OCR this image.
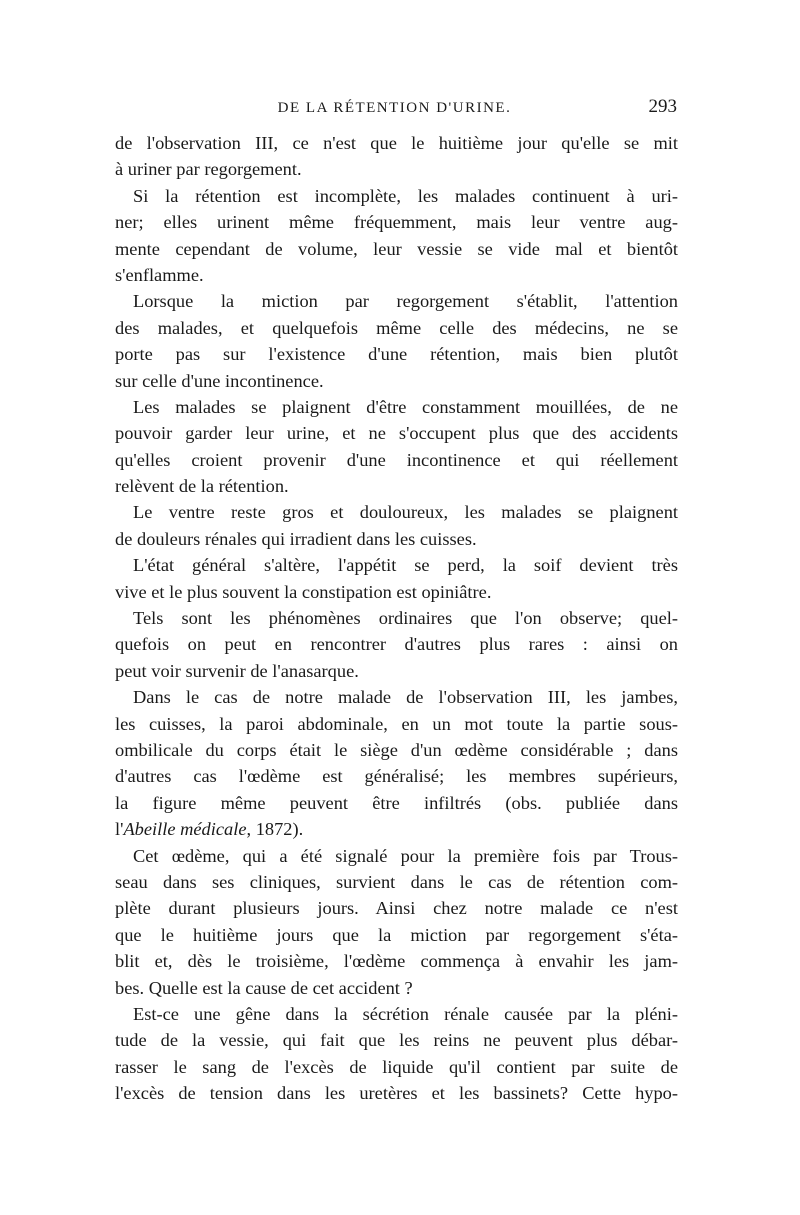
DE LA RÉTENTION D'URINE.	293
de l'observation III, ce n'est que le huitième jour qu'elle se mit
à uriner par regorgement.
Si la rétention est incomplète, les malades continuent à uri-
ner; elles urinent même fréquemment, mais leur ventre aug-
mente cependant de volume, leur vessie se vide mal et bientôt
s'enflamme.
Lorsque la miction par regorgement s'établit, l'attention
des malades, et quelquefois même celle des médecins, ne se
porte pas sur l'existence d'une rétention, mais bien plutôt
sur celle d'une incontinence.
Les malades se plaignent d'être constamment mouillées, de ne
pouvoir garder leur urine, et ne s'occupent plus que des accidents
qu'elles croient provenir d'une incontinence et qui réellement
relèvent de la rétention.
Le ventre reste gros et douloureux, les malades se plaignent
de douleurs rénales qui irradient dans les cuisses.
L'état général s'altère, l'appétit se perd, la soif devient très
vive et le plus souvent la constipation est opiniâtre.
Tels sont les phénomènes ordinaires que l'on observe; quel-
quefois on peut en rencontrer d'autres plus rares : ainsi on
peut voir survenir de l'anasarque.
Dans le cas de notre malade de l'observation III, les jambes,
les cuisses, la paroi abdominale, en un mot toute la partie sous-
ombilicale du corps était le siège d'un œdème considérable ; dans
d'autres cas l'œdème est généralisé; les membres supérieurs,
la figure même peuvent être infiltrés (obs. publiée dans
l'Abeille médicale, 1872).
Cet œdème, qui a été signalé pour la première fois par Trous-
seau dans ses cliniques, survient dans le cas de rétention com-
plète durant plusieurs jours. Ainsi chez notre malade ce n'est
que le huitième jours que la miction par regorgement s'éta-
blit et, dès le troisième, l'œdème commença à envahir les jam-
bes. Quelle est la cause de cet accident ?
Est-ce une gêne dans la sécrétion rénale causée par la pléni-
tude de la vessie, qui fait que les reins ne peuvent plus débar-
rasser le sang de l'excès de liquide qu'il contient par suite de
l'excès de tension dans les uretères et les bassinets? Cette hypo-
